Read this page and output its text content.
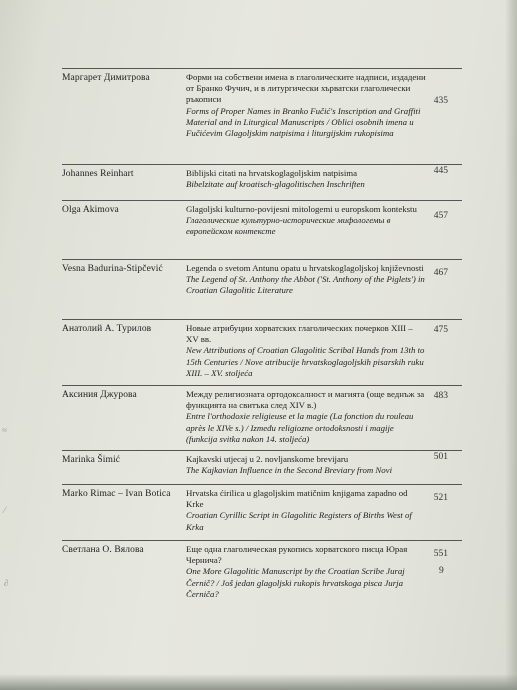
Маргарет Димитрова	Форми на собствени имена в глаголическите надписи, издадени от Бранко Фучич, и в литургически хърватски глаголически ръкописи
Forms of Proper Names in Branko Fučić's Inscription and Graffiti Material and in Liturgical Manuscripts / Oblici osobnih imena u Fučićevim Glagoljskim natpisima i liturgijskim rukopisima
435
Johannes Reinhart	Biblijski citati na hrvatskoglagoljskim natpisima
Bibelzitate auf kroatisch-glagolitischen Inschriften
445
Olga Akimova	Glagoljski kulturno-povijesni mitologemi u europskom kontekstu
Глаголические культурно-исторические мифологемы в европейском контексте
457
Vesna Badurina-Stipčević	Legenda o svetom Antunu opatu u hrvatskoglagoljskoj književnosti
The Legend of St. Anthony the Abbot ('St. Anthony of the Piglets') in Croatian Glagolitic Literature
467
Анатолий А. Турилов	Новые атрибуции хорватских глаголических почерков XIII – XV вв.
New Attributions of Croatian Glagolitic Scribal Hands from 13th to 15th Centuries / Nove atribucije hrvatskoglagoljskih pisarskih ruku XIII. – XV. stoljeća
475
Аксиния Джурова	Между религиозната ортодоксалност и магията (още веднъж за функцията на свитъка след XIV в.)
Entre l'orthodoxie religieuse et la magie (La fonction du rouleau après le XIVe s.) / Između religiozne ortodoksnosti i magije (funkcija svitka nakon 14. stoljeća)
483
Marinka Šimić	Kajkavski utjecaj u 2. novljanskome brevijaru
The Kajkavian Influence in the Second Breviary from Novi
501
Marko Rimac – Ivan Botica Hrvatska ćirilica u glagoljskim matičnim knjigama zapadno od Krke
Croatian Cyrillic Script in Glagolitic Registers of Births West of Krka
521
Светлана О. Вялова	Еще одна глаголическая рукопись хорватского писца Юрая Черничa?
One More Glagolitic Manuscript by the Croatian Scribe Juraj Černič? / Još jedan glagoljski rukopis hrvatskoga pisca Jurja Černiča?
551
9
≈
⁄
∂
